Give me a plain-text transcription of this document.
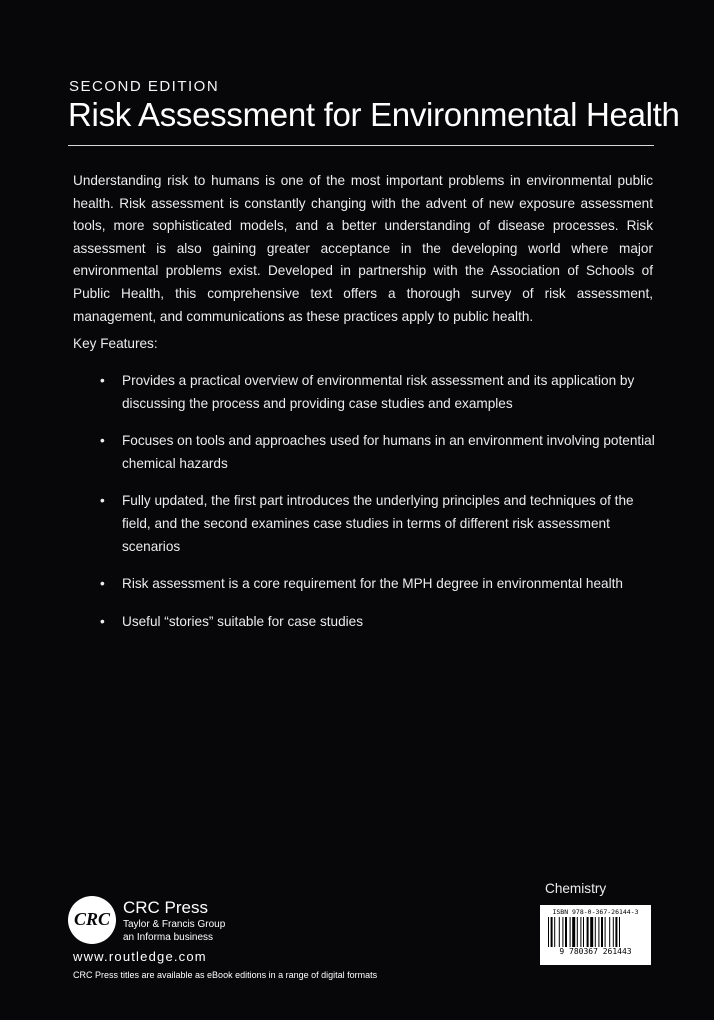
SECOND EDITION
Risk Assessment for Environmental Health

Understanding risk to humans is one of the most important problems in environmental public health. Risk assessment is constantly changing with the advent of new exposure assessment tools, more sophisticated models, and a better understanding of disease processes. Risk assessment is also gaining greater acceptance in the developing world where major environmental problems exist. Developed in partnership with the Association of Schools of Public Health, this comprehensive text offers a thorough survey of risk assessment, management, and communications as these practices apply to public health.

Key Features:
• Provides a practical overview of environmental risk assessment and its application by discussing the process and providing case studies and examples
• Focuses on tools and approaches used for humans in an environment involving potential chemical hazards
• Fully updated, the first part introduces the underlying principles and techniques of the field, and the second examines case studies in terms of different risk assessment scenarios
• Risk assessment is a core requirement for the MPH degree in environmental health
• Useful “stories” suitable for case studies
Chemistry
ISBN 978-0-367-26144-3
9 780367 261443
CRC
CRC Press
Taylor & Francis Group
an Informa business
www.routledge.com
CRC Press titles are available as eBook editions in a range of digital formats
